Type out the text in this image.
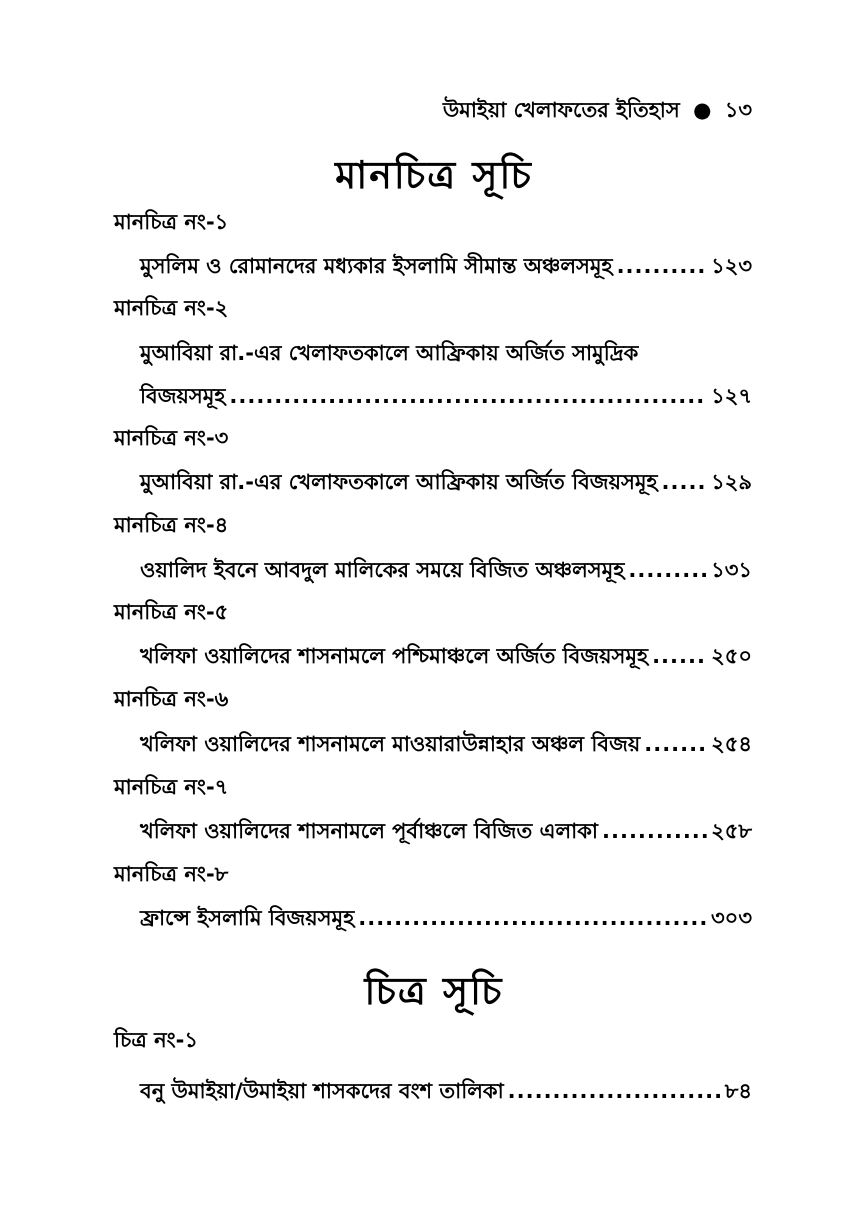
উমাইয়া খেলাফতের ইতিহাস ● ১৩
মানচিত্র সূচি
মানচিত্র নং-১
মুসলিম ও রোমানদের মধ্যকার ইসলামি সীমান্ত অঞ্চলসমূহ .....	১২৩
মানচিত্র নং-২
মুআবিয়া রা.-এর খেলাফতকালে আফ্রিকায় অর্জিত সামুদ্রিক
বিজয়সমূহ .....	১২৭
মানচিত্র নং-৩
মুআবিয়া রা.-এর খেলাফতকালে আফ্রিকায় অর্জিত বিজয়সমূহ .....	১২৯
মানচিত্র নং-৪
ওয়ালিদ ইবনে আবদুল মালিকের সময়ে বিজিত অঞ্চলসমূহ .....	১৩১
মানচিত্র নং-৫
খলিফা ওয়ালিদের শাসনামলে পশ্চিমাঞ্চলে অর্জিত বিজয়সমূহ .....	২৫০
মানচিত্র নং-৬
খলিফা ওয়ালিদের শাসনামলে মাওয়ারাউন্নাহার অঞ্চল বিজয় .....	২৫৪
মানচিত্র নং-৭
খলিফা ওয়ালিদের শাসনামলে পূর্বাঞ্চলে বিজিত এলাকা .....	২৫৮
মানচিত্র নং-৮
ফ্রান্সে ইসলামি বিজয়সমূহ .....	৩০৩
চিত্র সূচি
চিত্র নং-১
বনু উমাইয়া/উমাইয়া শাসকদের বংশ তালিকা .....	৮৪
